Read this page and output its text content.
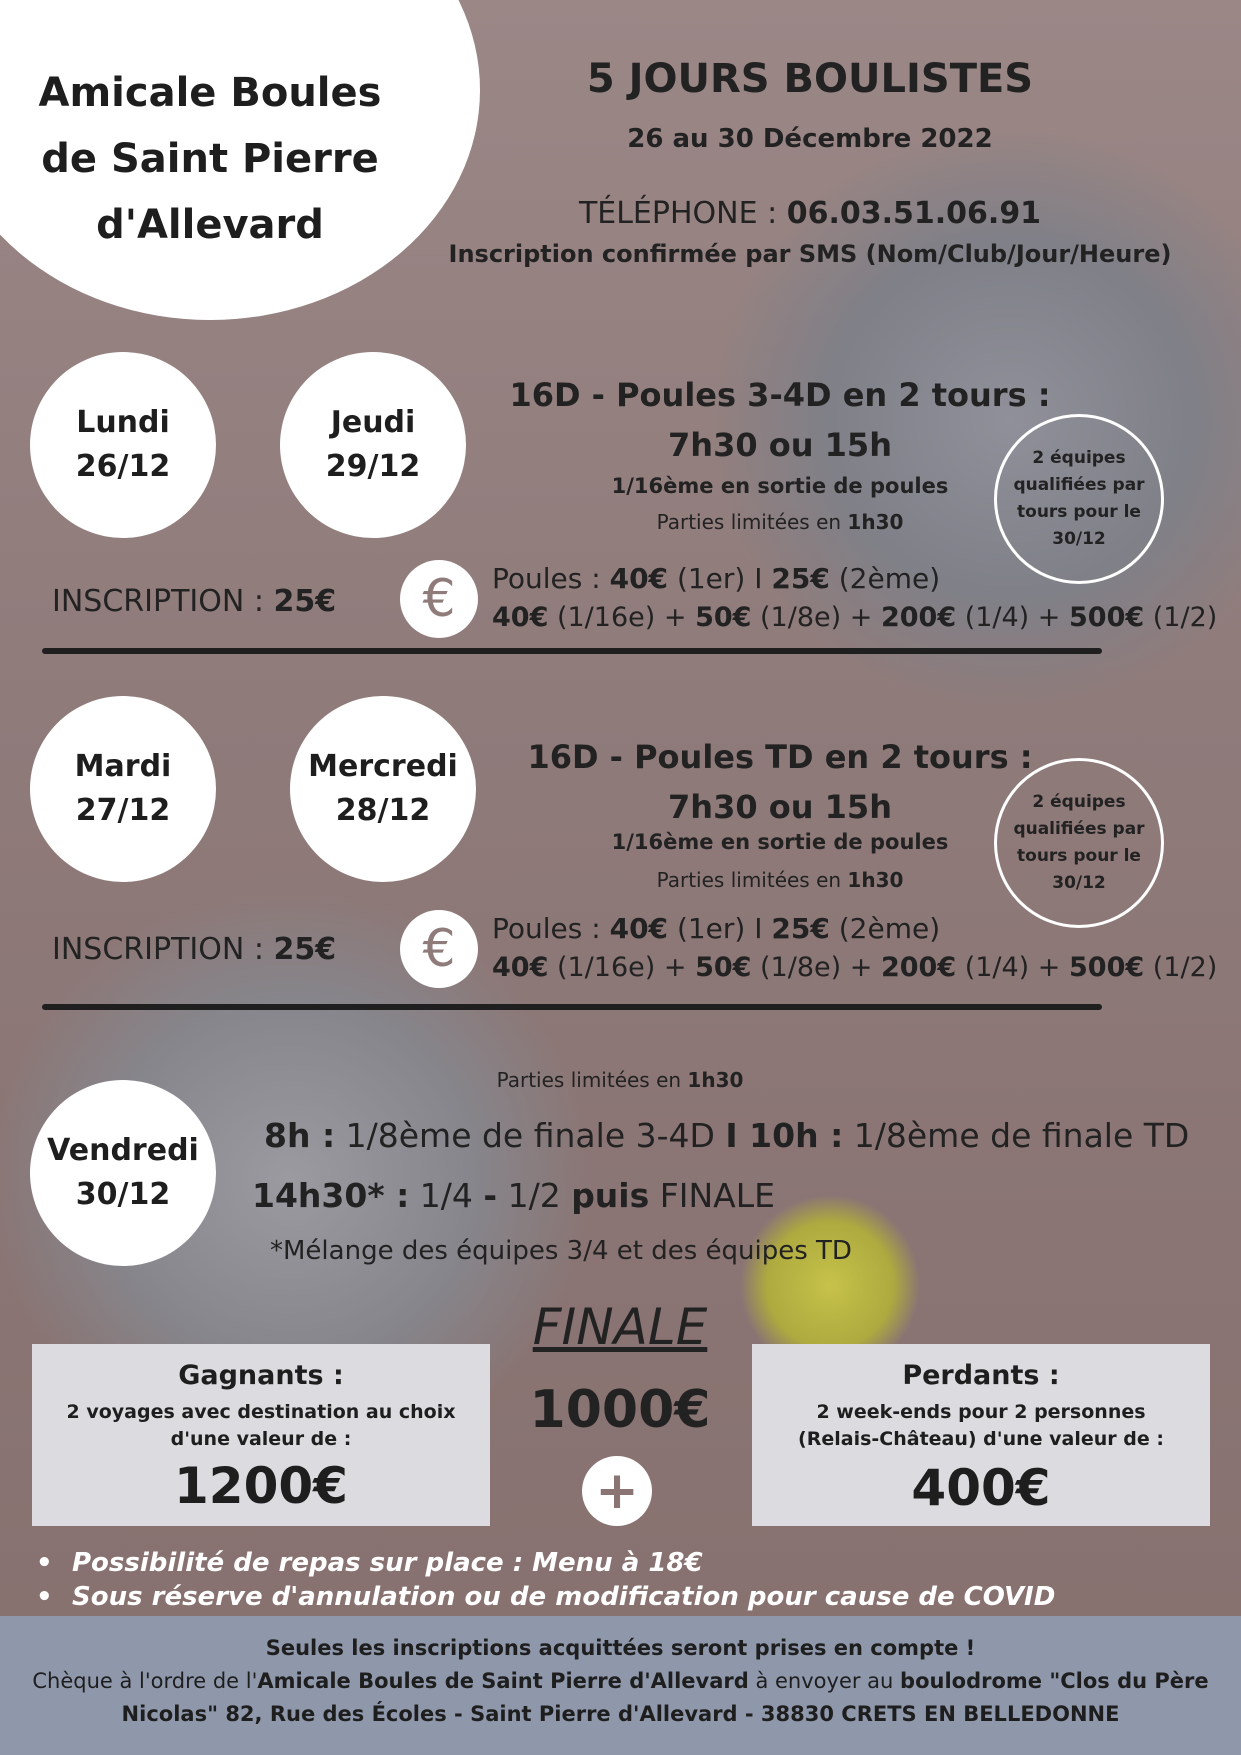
Amicale Boules
de Saint Pierre
d'Allevard
5 JOURS BOULISTES
26 au 30 Décembre 2022
TÉLÉPHONE : 06.03.51.06.91
Inscription confirmée par SMS (Nom/Club/Jour/Heure)
Lundi
26/12
Jeudi
29/12
16D - Poules 3-4D en 2 tours :
7h30 ou 15h
1/16ème en sortie de poules
Parties limitées en 1h30
2 équipes
qualifiées par
tours pour le
30/12
INSCRIPTION : 25€	€	Poules : 40€ (1er) I 25€ (2ème)
40€ (1/16e) + 50€ (1/8e) + 200€ (1/4) + 500€ (1/2)
Mardi
27/12
Mercredi
28/12
16D - Poules TD en 2 tours :
7h30 ou 15h
1/16ème en sortie de poules
Parties limitées en 1h30
2 équipes
qualifiées par
tours pour le
30/12
INSCRIPTION : 25€	€	Poules : 40€ (1er) I 25€ (2ème)
40€ (1/16e) + 50€ (1/8e) + 200€ (1/4) + 500€ (1/2)
Parties limitées en 1h30
Vendredi
30/12
8h : 1/8ème de finale 3-4D I 10h : 1/8ème de finale TD
14h30* : 1/4 - 1/2 puis FINALE
*Mélange des équipes 3/4 et des équipes TD
FINALE
1000€
+
Gagnants :
2 voyages avec destination au choix d'une valeur de :
1200€
Perdants :
2 week-ends pour 2 personnes
(Relais-Château) d'une valeur de :
400€
• Possibilité de repas sur place : Menu à 18€
• Sous réserve d'annulation ou de modification pour cause de COVID
Seules les inscriptions acquittées seront prises en compte !
Chèque à l'ordre de l'Amicale Boules de Saint Pierre d'Allevard à envoyer au boulodrome "Clos du Père
Nicolas" 82, Rue des Écoles - Saint Pierre d'Allevard - 38830 CRETS EN BELLEDONNE
